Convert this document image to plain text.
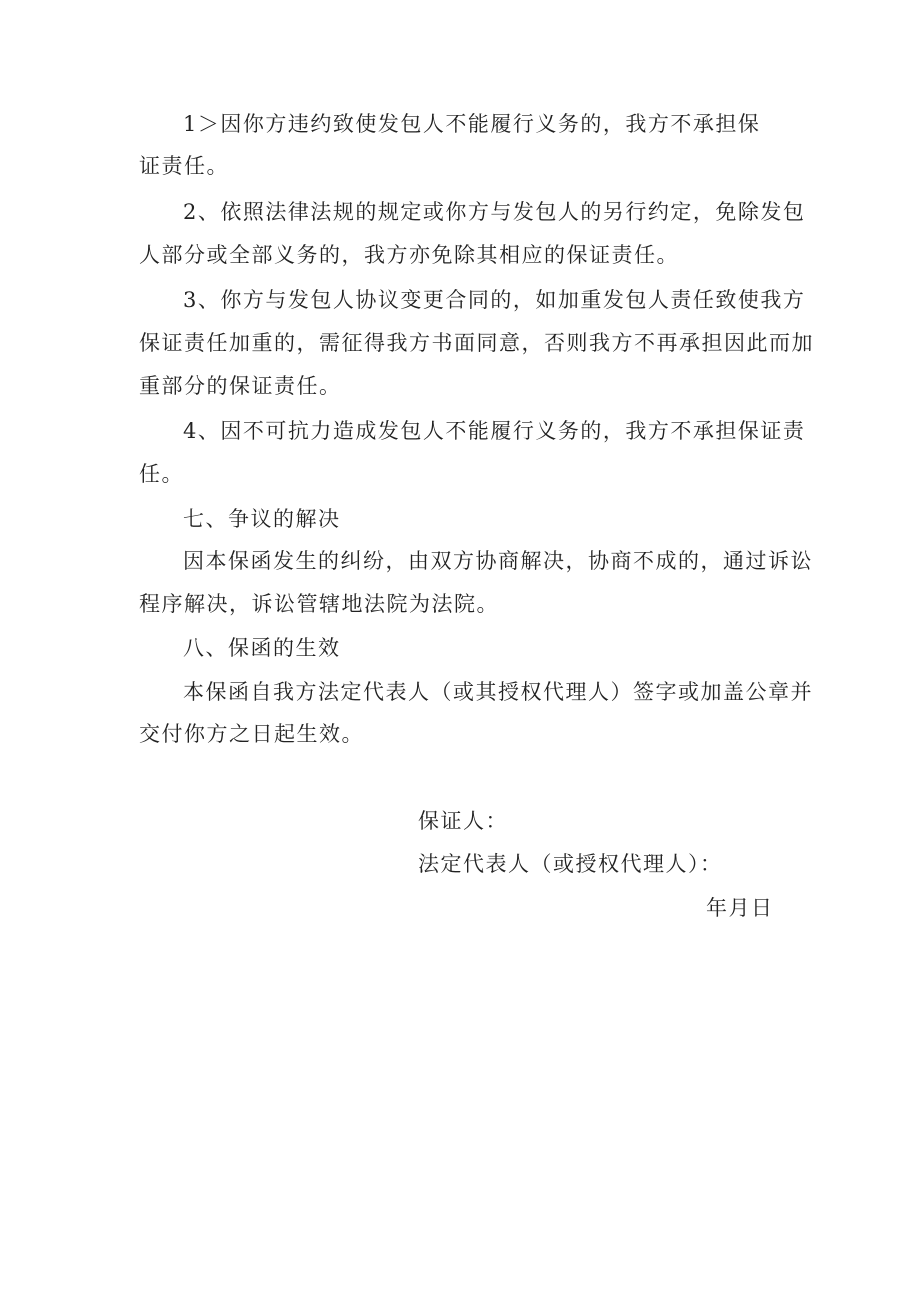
1＞因你方违约致使发包人不能履行义务的，我方不承担保
证责任。
2、依照法律法规的规定或你方与发包人的另行约定，免除发包
人部分或全部义务的，我方亦免除其相应的保证责任。
3、你方与发包人协议变更合同的，如加重发包人责任致使我方
保证责任加重的，需征得我方书面同意，否则我方不再承担因此而加
重部分的保证责任。
4、因不可抗力造成发包人不能履行义务的，我方不承担保证责
任。
七、争议的解决
因本保函发生的纠纷，由双方协商解决，协商不成的，通过诉讼
程序解决，诉讼管辖地法院为法院。
八、保函的生效
本保函自我方法定代表人（或其授权代理人）签字或加盖公章并
交付你方之日起生效。
保证人：
法定代表人（或授权代理人）：
年月日
